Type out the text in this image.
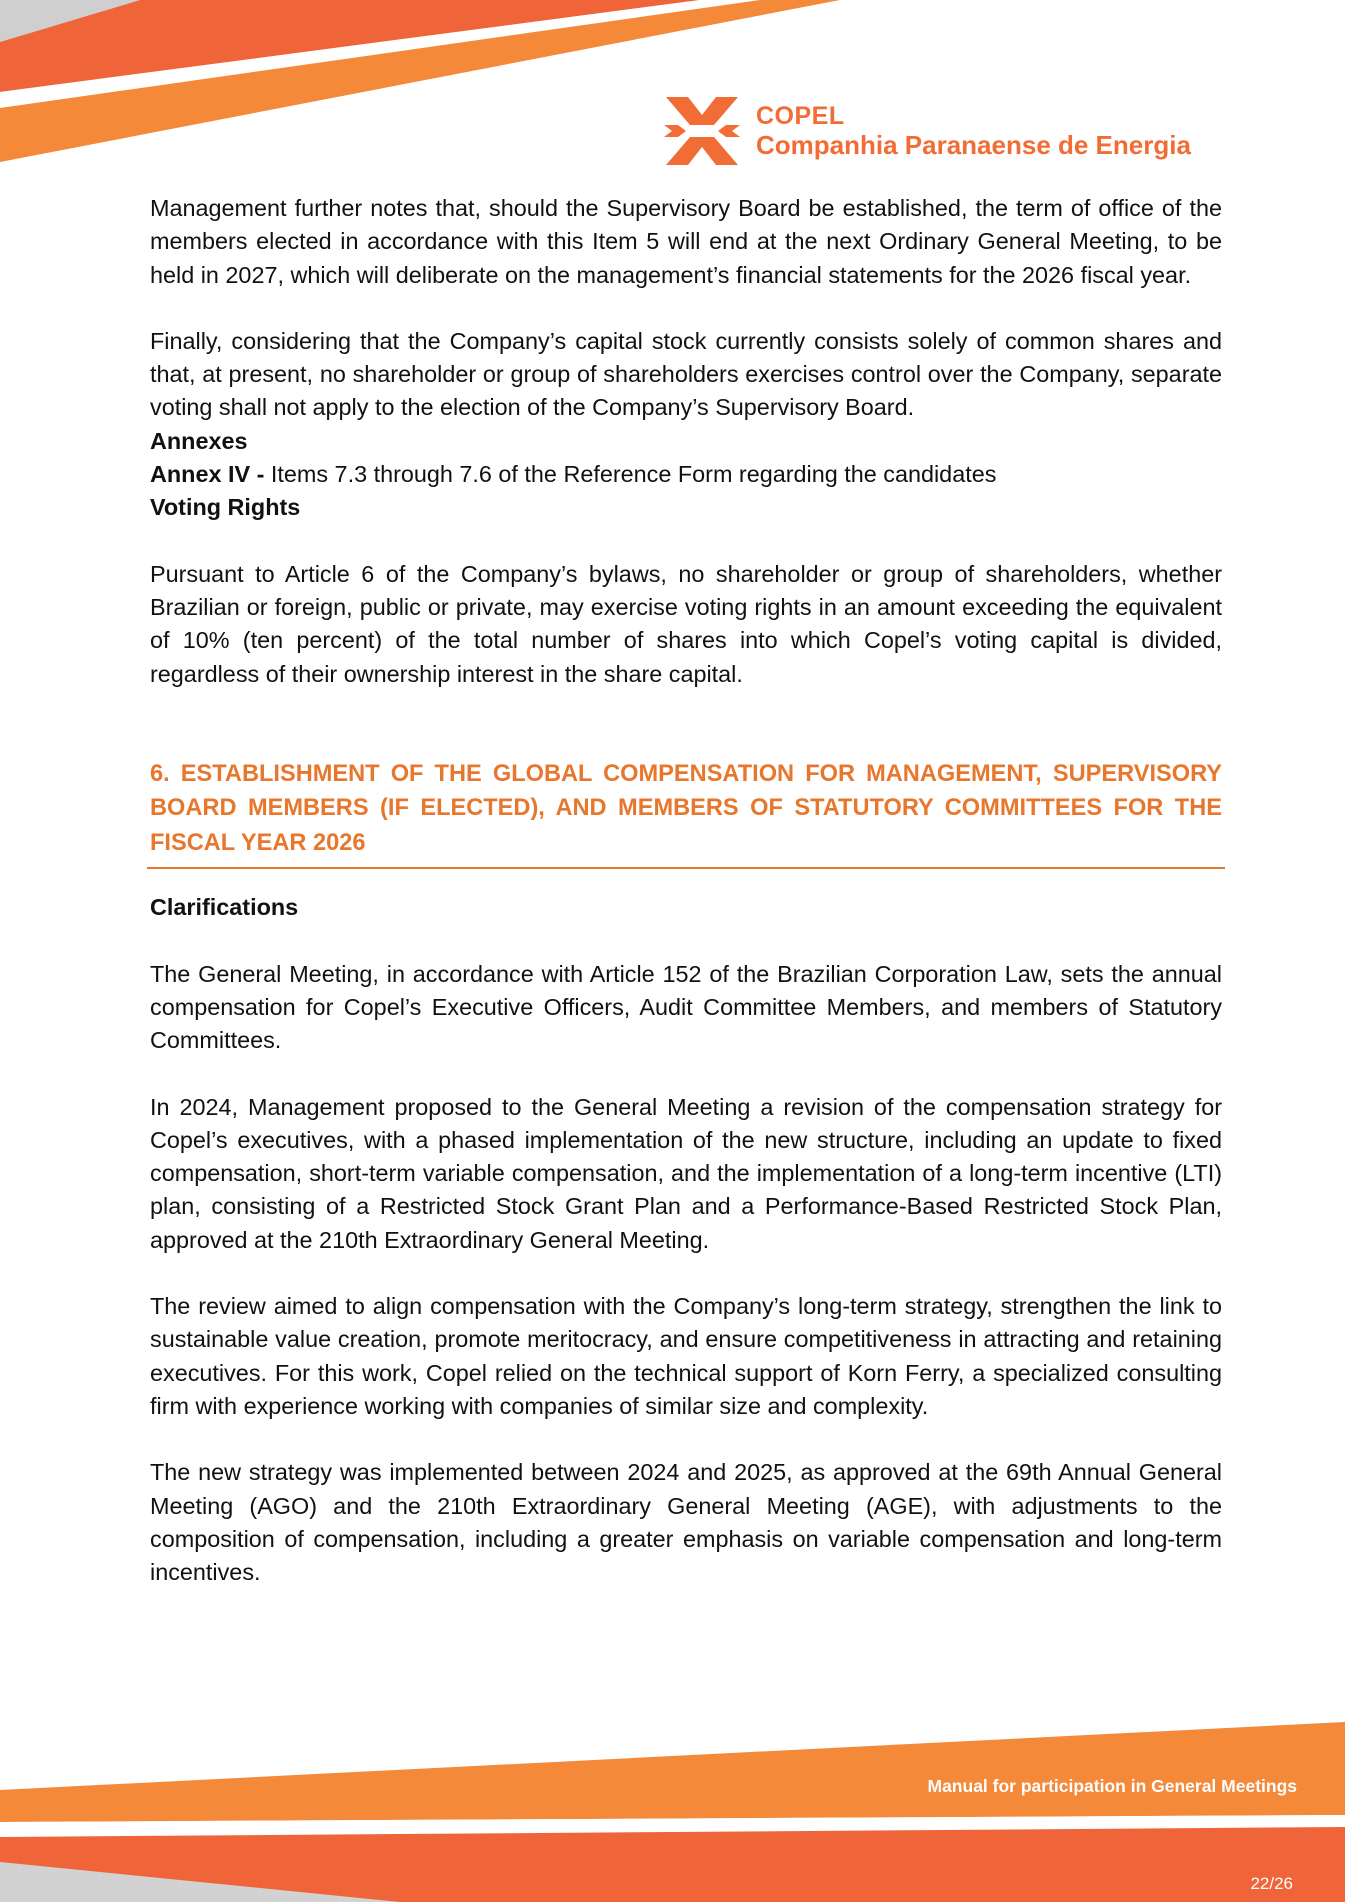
COPEL
Companhia Paranaense de Energia

Management further notes that, should the Supervisory Board be established, the term of office of the members elected in accordance with this Item 5 will end at the next Ordinary General Meeting, to be held in 2027, which will deliberate on the management’s financial statements for the 2026 fiscal year.

Finally, considering that the Company’s capital stock currently consists solely of common shares and that, at present, no shareholder or group of shareholders exercises control over the Company, separate voting shall not apply to the election of the Company’s Supervisory Board.

Annexes

Annex IV - Items 7.3 through 7.6 of the Reference Form regarding the candidates

Voting Rights

Pursuant to Article 6 of the Company’s bylaws, no shareholder or group of shareholders, whether Brazilian or foreign, public or private, may exercise voting rights in an amount exceeding the equivalent of 10% (ten percent) of the total number of shares into which Copel’s voting capital is divided, regardless of their ownership interest in the share capital.

6. ESTABLISHMENT OF THE GLOBAL COMPENSATION FOR MANAGEMENT, SUPERVISORY BOARD MEMBERS (IF ELECTED), AND MEMBERS OF STATUTORY COMMITTEES FOR THE FISCAL YEAR 2026

Clarifications

The General Meeting, in accordance with Article 152 of the Brazilian Corporation Law, sets the annual compensation for Copel’s Executive Officers, Audit Committee Members, and members of Statutory Committees.

In 2024, Management proposed to the General Meeting a revision of the compensation strategy for Copel’s executives, with a phased implementation of the new structure, including an update to fixed compensation, short-term variable compensation, and the implementation of a long-term incentive (LTI) plan, consisting of a Restricted Stock Grant Plan and a Performance-Based Restricted Stock Plan, approved at the 210th Extraordinary General Meeting.

The review aimed to align compensation with the Company’s long-term strategy, strengthen the link to sustainable value creation, promote meritocracy, and ensure competitiveness in attracting and retaining executives. For this work, Copel relied on the technical support of Korn Ferry, a specialized consulting firm with experience working with companies of similar size and complexity.

The new strategy was implemented between 2024 and 2025, as approved at the 69th Annual General Meeting (AGO) and the 210th Extraordinary General Meeting (AGE), with adjustments to the composition of compensation, including a greater emphasis on variable compensation and long-term incentives.

Manual for participation in General Meetings
22/26
